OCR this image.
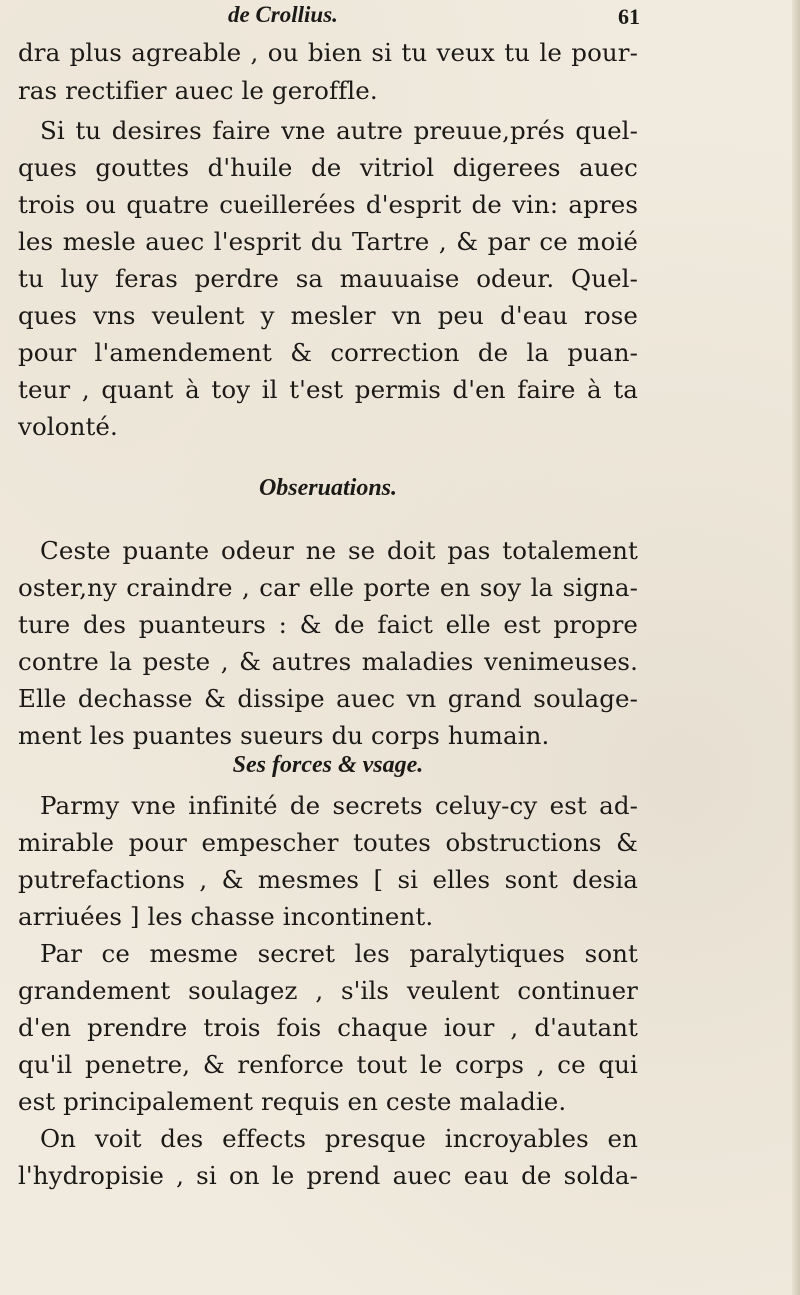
de Crollius.	61
dra plus agreable , ou bien si tu veux tu le pour-
ras rectifier auec le geroffle.
Si tu desires faire vne autre preuue,prés quel-
ques gouttes d'huile de vitriol digerees auec
trois ou quatre cueillerées d'esprit de vin: apres
les mesle auec l'esprit du Tartre , & par ce moié
tu luy feras perdre sa mauuaise odeur. Quel-
ques vns veulent y mesler vn peu d'eau rose
pour l'amendement & correction de la puan-
teur , quant à toy il t'est permis d'en faire à ta
volonté.
Obseruations.
Ceste puante odeur ne se doit pas totalement
oster,ny craindre , car elle porte en soy la signa-
ture des puanteurs : & de faict elle est propre
contre la peste , & autres maladies venimeuses.
Elle dechasse & dissipe auec vn grand soulage-
ment les puantes sueurs du corps humain.
Ses forces & vsage.
Parmy vne infinité de secrets celuy-cy est ad-
mirable pour empescher toutes obstructions &
putrefactions , & mesmes [ si elles sont desia
arriuées ] les chasse incontinent.
Par ce mesme secret les paralytiques sont
grandement soulagez , s'ils veulent continuer
d'en prendre trois fois chaque iour , d'autant
qu'il penetre, & renforce tout le corps , ce qui
est principalement requis en ceste maladie.
On voit des effects presque incroyables en
l'hydropisie , si on le prend auec eau de solda-
